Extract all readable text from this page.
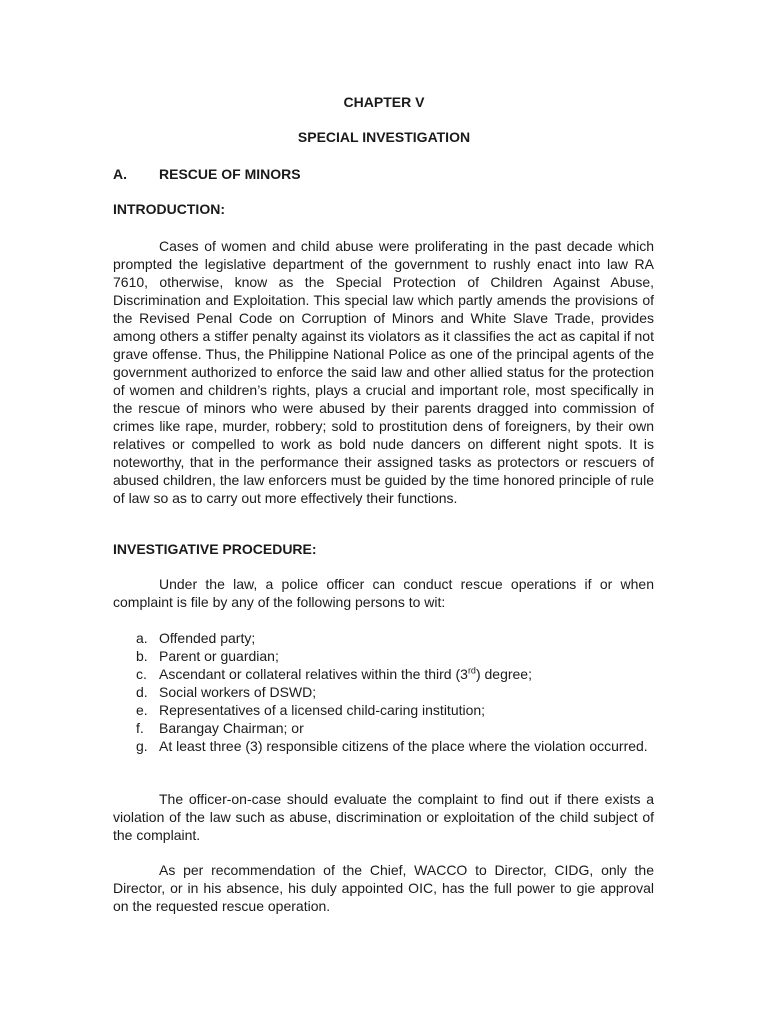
CHAPTER V
SPECIAL INVESTIGATION
A. RESCUE OF MINORS
INTRODUCTION:
Cases of women and child abuse were proliferating in the past decade which prompted the legislative department of the government to rushly enact into law RA 7610, otherwise, know as the Special Protection of Children Against Abuse, Discrimination and Exploitation. This special law which partly amends the provisions of the Revised Penal Code on Corruption of Minors and White Slave Trade, provides among others a stiffer penalty against its violators as it classifies the act as capital if not grave offense. Thus, the Philippine National Police as one of the principal agents of the government authorized to enforce the said law and other allied status for the protection of women and children’s rights, plays a crucial and important role, most specifically in the rescue of minors who were abused by their parents dragged into commission of crimes like rape, murder, robbery; sold to prostitution dens of foreigners, by their own relatives or compelled to work as bold nude dancers on different night spots. It is noteworthy, that in the performance their assigned tasks as protectors or rescuers of abused children, the law enforcers must be guided by the time honored principle of rule of law so as to carry out more effectively their functions.
INVESTIGATIVE PROCEDURE:
Under the law, a police officer can conduct rescue operations if or when complaint is file by any of the following persons to wit:
a. Offended party;
b. Parent or guardian;
c. Ascendant or collateral relatives within the third (3rd) degree;
d. Social workers of DSWD;
e. Representatives of a licensed child-caring institution;
f.	Barangay Chairman; or
g. At least three (3) responsible citizens of the place where the violation occurred.
The officer-on-case should evaluate the complaint to find out if there exists a violation of the law such as abuse, discrimination or exploitation of the child subject of the complaint.
As per recommendation of the Chief, WACCO to Director, CIDG, only the Director, or in his absence, his duly appointed OIC, has the full power to gie approval on the requested rescue operation.
